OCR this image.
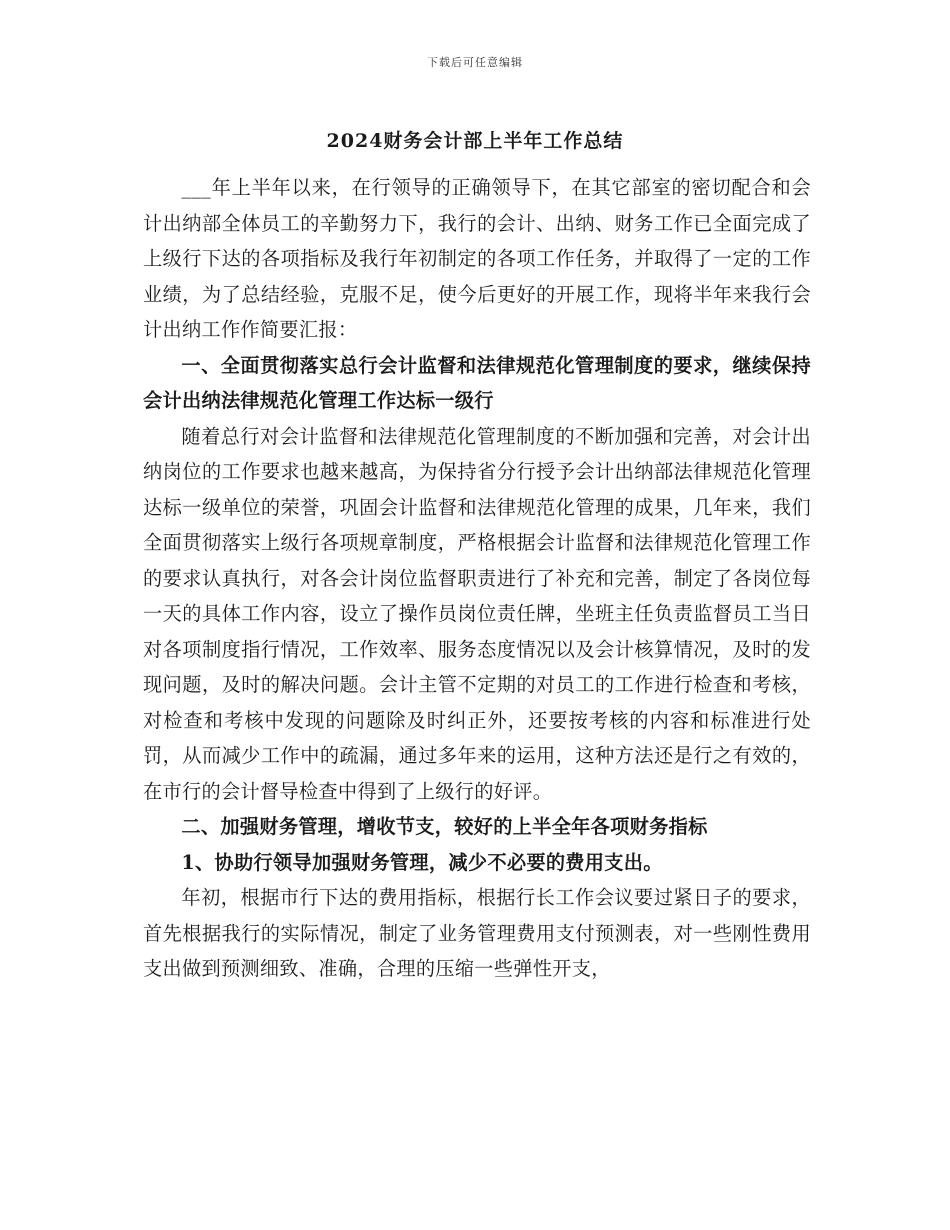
下载后可任意编辑
2024财务会计部上半年工作总结

___年上半年以来，在行领导的正确领导下，在其它部室的密切配合和会计出纳部全体员工的辛勤努力下，我行的会计、出纳、财务工作已全面完成了上级行下达的各项指标及我行年初制定的各项工作任务，并取得了一定的工作业绩，为了总结经验，克服不足，使今后更好的开展工作，现将半年来我行会计出纳工作作简要汇报：

一、全面贯彻落实总行会计监督和法律规范化管理制度的要求，继续保持会计出纳法律规范化管理工作达标一级行

随着总行对会计监督和法律规范化管理制度的不断加强和完善，对会计出纳岗位的工作要求也越来越高，为保持省分行授予会计出纳部法律规范化管理达标一级单位的荣誉，巩固会计监督和法律规范化管理的成果，几年来，我们全面贯彻落实上级行各项规章制度，严格根据会计监督和法律规范化管理工作的要求认真执行，对各会计岗位监督职责进行了补充和完善，制定了各岗位每一天的具体工作内容，设立了操作员岗位责任牌，坐班主任负责监督员工当日对各项制度指行情况，工作效率、服务态度情况以及会计核算情况，及时的发现问题，及时的解决问题。会计主管不定期的对员工的工作进行检查和考核，对检查和考核中发现的问题除及时纠正外，还要按考核的内容和标准进行处罚，从而减少工作中的疏漏，通过多年来的运用，这种方法还是行之有效的，在市行的会计督导检查中得到了上级行的好评。

二、加强财务管理，增收节支，较好的上半全年各项财务指标

1、协助行领导加强财务管理，减少不必要的费用支出。

年初，根据市行下达的费用指标，根据行长工作会议要过紧日子的要求，首先根据我行的实际情况，制定了业务管理费用支付预测表，对一些刚性费用支出做到预测细致、准确，合理的压缩一些弹性开支，
